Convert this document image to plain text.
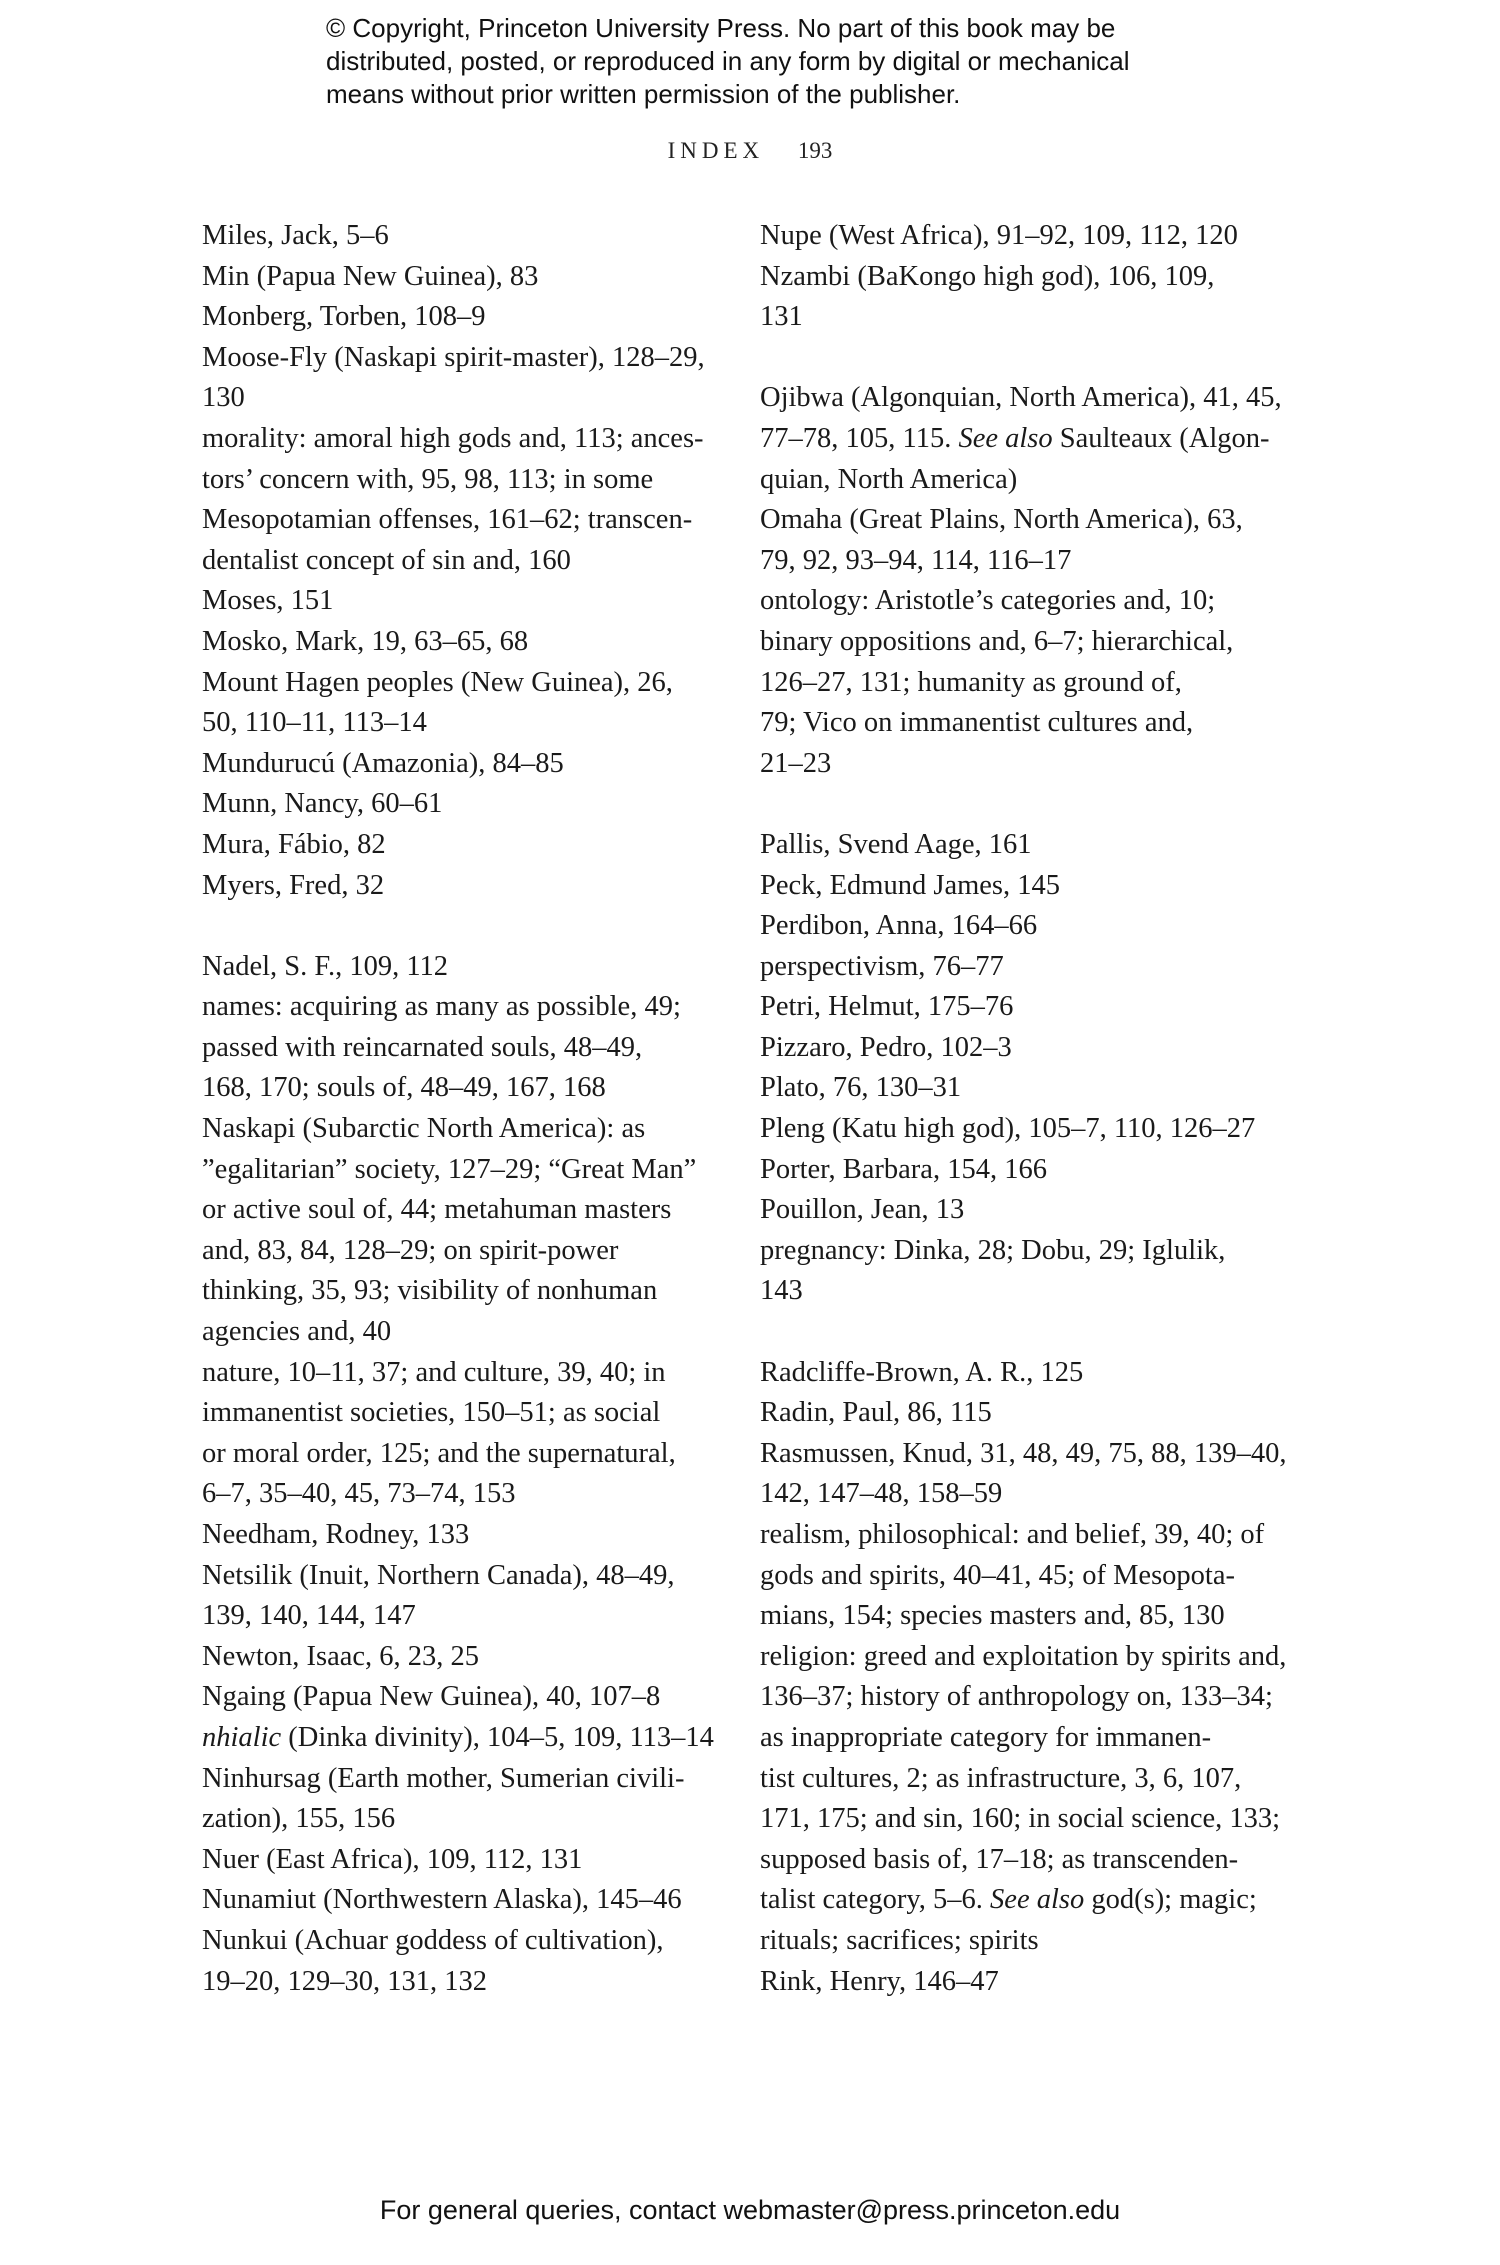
© Copyright, Princeton University Press. No part of this book may be
distributed, posted, or reproduced in any form by digital or mechanical
means without prior written permission of the publisher.
INDEX 193
Miles, Jack, 5–6
Min (Papua New Guinea), 83
Monberg, Torben, 108–9
Moose-Fly (Naskapi spirit-master), 128–29,
130
morality: amoral high gods and, 113; ances-
tors’ concern with, 95, 98, 113; in some
Mesopotamian offenses, 161–62; transcen-
dentalist concept of sin and, 160
Moses, 151
Mosko, Mark, 19, 63–65, 68
Mount Hagen peoples (New Guinea), 26,
50, 110–11, 113–14
Mundurucú (Amazonia), 84–85
Munn, Nancy, 60–61
Mura, Fábio, 82
Myers, Fred, 32
Nadel, S. F., 109, 112
names: acquiring as many as possible, 49;
passed with reincarnated souls, 48–49,
168, 170; souls of, 48–49, 167, 168
Naskapi (Subarctic North America): as
”egalitarian” society, 127–29; “Great Man”
or active soul of, 44; metahuman masters
and, 83, 84, 128–29; on spirit-power
thinking, 35, 93; visibility of nonhuman
agencies and, 40
nature, 10–11, 37; and culture, 39, 40; in
immanentist societies, 150–51; as social
or moral order, 125; and the supernatural,
6–7, 35–40, 45, 73–74, 153
Needham, Rodney, 133
Netsilik (Inuit, Northern Canada), 48–49,
139, 140, 144, 147
Newton, Isaac, 6, 23, 25
Ngaing (Papua New Guinea), 40, 107–8
nhialic (Dinka divinity), 104–5, 109, 113–14
Ninhursag (Earth mother, Sumerian civili-
zation), 155, 156
Nuer (East Africa), 109, 112, 131
Nunamiut (Northwestern Alaska), 145–46
Nunkui (Achuar goddess of cultivation),
19–20, 129–30, 131, 132
Nupe (West Africa), 91–92, 109, 112, 120
Nzambi (BaKongo high god), 106, 109,
131
Ojibwa (Algonquian, North America), 41, 45,
77–78, 105, 115. See also Saulteaux (Algon-
quian, North America)
Omaha (Great Plains, North America), 63,
79, 92, 93–94, 114, 116–17
ontology: Aristotle’s categories and, 10;
binary oppositions and, 6–7; hierarchical,
126–27, 131; humanity as ground of,
79; Vico on immanentist cultures and,
21–23
Pallis, Svend Aage, 161
Peck, Edmund James, 145
Perdibon, Anna, 164–66
perspectivism, 76–77
Petri, Helmut, 175–76
Pizzaro, Pedro, 102–3
Plato, 76, 130–31
Pleng (Katu high god), 105–7, 110, 126–27
Porter, Barbara, 154, 166
Pouillon, Jean, 13
pregnancy: Dinka, 28; Dobu, 29; Iglulik,
143
Radcliffe-Brown, A. R., 125
Radin, Paul, 86, 115
Rasmussen, Knud, 31, 48, 49, 75, 88, 139–40,
142, 147–48, 158–59
realism, philosophical: and belief, 39, 40; of
gods and spirits, 40–41, 45; of Mesopota-
mians, 154; species masters and, 85, 130
religion: greed and exploitation by spirits and,
136–37; history of anthropology on, 133–34;
as inappropriate category for immanen-
tist cultures, 2; as infrastructure, 3, 6, 107,
171, 175; and sin, 160; in social science, 133;
supposed basis of, 17–18; as transcenden-
talist category, 5–6. See also god(s); magic;
rituals; sacrifices; spirits
Rink, Henry, 146–47
For general queries, contact webmaster@press.princeton.edu
